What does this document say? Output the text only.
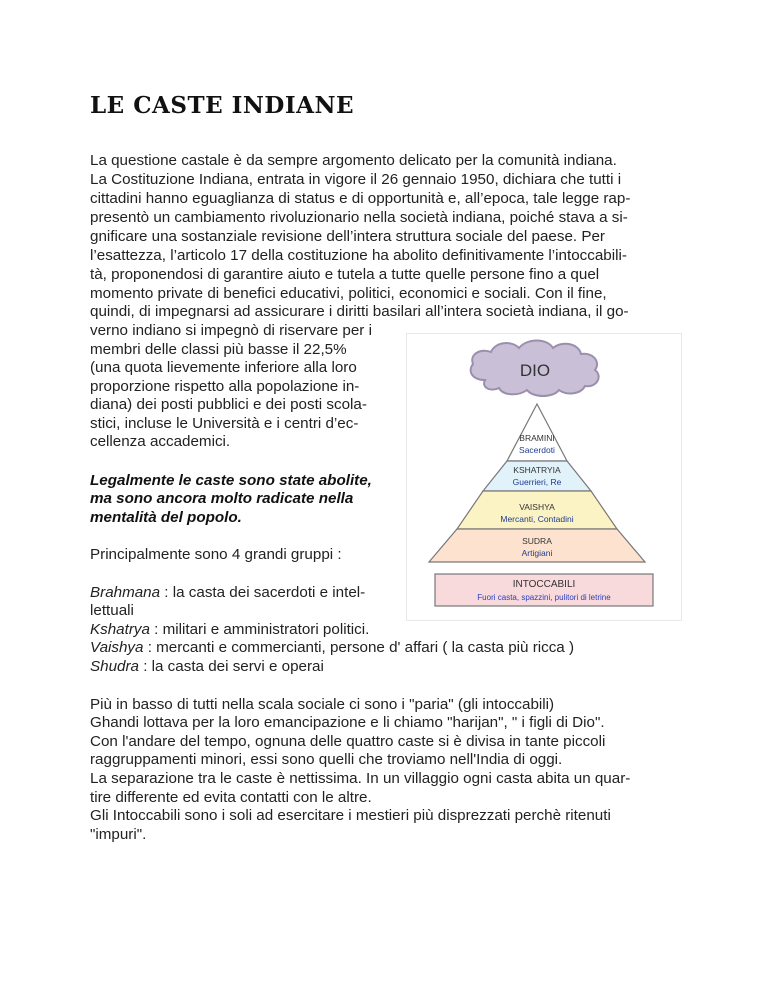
LE CASTE INDIANE
La questione castale è da sempre argomento delicato per la comunità indiana.
La Costituzione Indiana, entrata in vigore il 26 gennaio 1950, dichiara che tutti i
cittadini hanno eguaglianza di status e di opportunità e, all’epoca, tale legge rap-
presentò un cambiamento rivoluzionario nella società indiana, poiché stava a si-
gnificare una sostanziale revisione dell’intera struttura sociale del paese. Per
l’esattezza, l’articolo 17 della costituzione ha abolito definitivamente l’intoccabili-
tà, proponendosi di garantire aiuto e tutela a tutte quelle persone fino a quel
momento private di benefici educativi, politici, economici e sociali. Con il fine,
quindi, di impegnarsi ad assicurare i diritti basilari all’intera società indiana, il go-
verno indiano si impegnò di riservare per i
membri delle classi più basse il 22,5%
(una quota lievemente inferiore alla loro
proporzione rispetto alla popolazione in-
diana) dei posti pubblici e dei posti scola-
stici, incluse le Università e i centri d’ec-
cellenza accademici.
Legalmente le caste sono state abolite,
ma sono ancora molto radicate nella
mentalità del popolo.
Principalmente sono 4 grandi gruppi :
Brahmana : la casta dei sacerdoti e intel-
lettuali
Kshatrya : militari e amministratori politici.
Vaishya : mercanti e commercianti, persone d' affari ( la casta più ricca )
Shudra : la casta dei servi e operai
Più in basso di tutti nella scala sociale ci sono i "paria" (gli intoccabili)
Ghandi lottava per la loro emancipazione e li chiamo "harijan", " i figli di Dio".
Con l'andare del tempo, ognuna delle quattro caste si è divisa in tante piccoli
raggruppamenti minori, essi sono quelli che troviamo nell'India di oggi.
La separazione tra le caste è nettissima. In un villaggio ogni casta abita un quar-
tire differente ed evita contatti con le altre.
Gli Intoccabili sono i soli ad esercitare i mestieri più disprezzati perchè ritenuti
"impuri".
DIO
BRAMINI
Sacerdoti
KSHATRYIA
Guerrieri, Re
VAISHYA
Mercanti, Contadini
SUDRA
Artigiani
INTOCCABILI
Fuori casta, spazzini, pulitori di letrine
